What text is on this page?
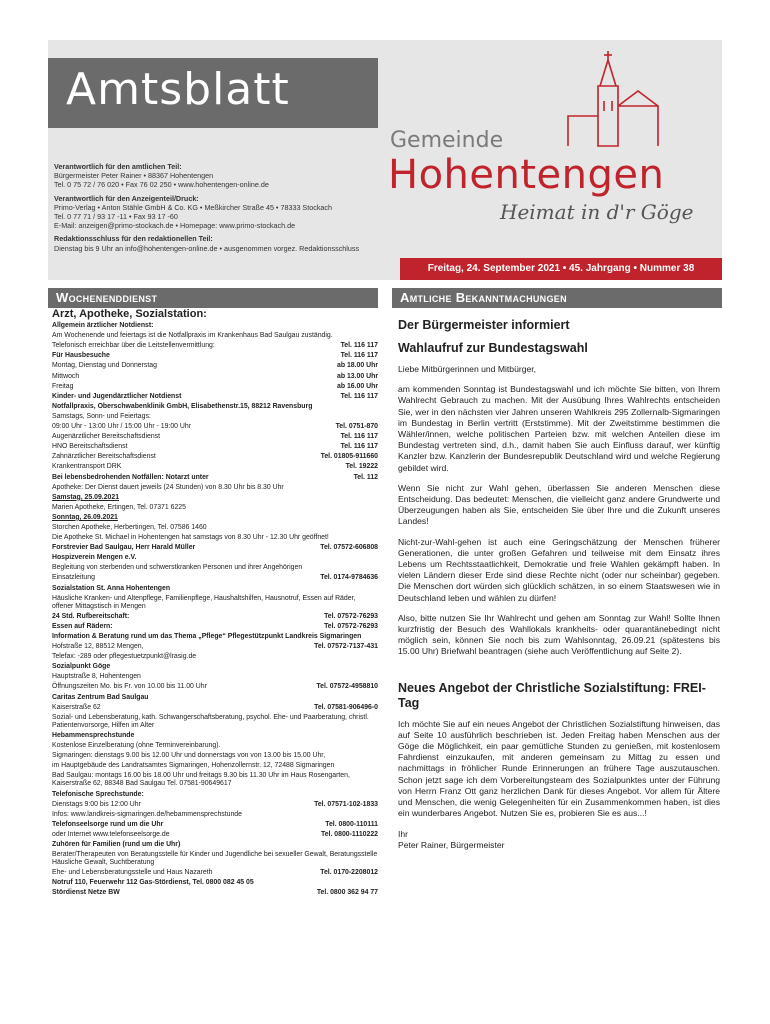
Amtsblatt
Gemeinde
Hohentengen
Heimat in d'r Göge
Verantwortlich für den amtlichen Teil:
Bürgermeister Peter Rainer • 88367 Hohentengen
Tel. 0 75 72 / 76 020 • Fax 76 02 250 • www.hohentengen-online.de
Verantwortlich für den Anzeigenteil/Druck:
Primo-Verlag • Anton Stähle GmbH & Co. KG • Meßkircher Straße 45 • 78333 Stockach
Tel. 0 77 71 / 93 17 -11 • Fax 93 17 -60
E-Mail: anzeigen@primo-stockach.de • Homepage: www.primo-stockach.de
Redaktionsschluss für den redaktionellen Teil:
Dienstag bis 9 Uhr an info@hohentengen-online.de • ausgenommen vorgez. Redaktionsschluss
Freitag, 24. September 2021 • 45. Jahrgang • Nummer 38
Wochenenddienst	Amtliche Bekanntmachungen
Arzt, Apotheke, Sozialstation:
Allgemein ärztlicher Notdienst:
Am Wochenende und feiertags ist die Notfallpraxis im Krankenhaus Bad Saulgau zuständig.
Telefonisch erreichbar über die Leitstellenvermittlung:	Tel. 116 117
Für Hausbesuche	Tel. 116 117
Montag, Dienstag und Donnerstag	ab 18.00 Uhr
Mittwoch	ab 13.00 Uhr
Freitag	ab 16.00 Uhr
Kinder- und Jugendärztlicher Notdienst	Tel. 116 117
Notfallpraxis, Oberschwabenklinik GmbH, Elisabethenstr.15, 88212 Ravensburg
Samstags, Sonn- und Feiertags:
09:00 Uhr - 13:00 Uhr / 15:00 Uhr - 19:00 Uhr	Tel. 0751-870
Augenärztlicher Bereitschaftsdienst	Tel. 116 117
HNO Bereitschaftsdienst	Tel. 116 117
Zahnärztlicher Bereitschaftsdienst	Tel. 01805-911660
Krankentransport DRK	Tel. 19222
Bei lebensbedrohenden Notfällen: Notarzt unter	Tel. 112
Apotheke: Der Dienst dauert jeweils (24 Stunden) von 8.30 Uhr bis 8.30 Uhr
Samstag, 25.09.2021
Marien Apotheke, Ertingen, Tel. 07371 6225
Sonntag, 26.09.2021
Storchen Apotheke, Herbertingen, Tel. 07586 1460
Die Apotheke St. Michael in Hohentengen hat samstags von 8.30 Uhr - 12.30 Uhr geöffnet!
Forstrevier Bad Saulgau, Herr Harald Müller	Tel. 07572-606808
Hospizverein Mengen e.V.
Begleitung von sterbenden und schwerstkranken Personen und ihrer Angehörigen
Einsatzleitung	Tel. 0174-9784636
Sozialstation St. Anna Hohentengen
Häusliche Kranken- und Altenpflege, Familienpflege, Haushaltshilfen, Hausnotruf, Essen auf Räder, offener Mittagstisch in Mengen
24 Std. Rufbereitschaft:	Tel. 07572-76293
Essen auf Rädern:	Tel. 07572-76293
Information & Beratung rund um das Thema „Pflege“ Pflegestützpunkt Landkreis Sigmaringen
Hofstraße 12, 88512 Mengen,	Tel. 07572-7137-431
Telefax: -289 oder pflegestuetzpunkt@lrasig.de
Sozialpunkt Göge
Hauptstraße 8, Hohentengen
Öffnungszeiten Mo. bis Fr. von 10.00 bis 11.00 Uhr	Tel. 07572-4958810
Caritas Zentrum Bad Saulgau
Kaiserstraße 62	Tel. 07581-906496-0
Sozial- und Lebensberatung, kath. Schwangerschaftsberatung, psychol. Ehe- und Paarberatung, christl. Patientenvorsorge, Hilfen im Alter
Hebammensprechstunde
Kostenlose Einzelberatung (ohne Terminvereinbarung).
Sigmaringen: dienstags 9.00 bis 12.00 Uhr und donnerstags von von 13.00 bis 15.00 Uhr,
im Hauptgebäude des Landratsamtes Sigmaringen, Hohenzollernstr. 12, 72488 Sigmaringen
Bad Saulgau: montags 16.00 bis 18.00 Uhr und freitags 9.30 bis 11.30 Uhr im Haus Rosengarten, Kaiserstraße 62, 88348 Bad Saulgau Tel. 07581-90649617
Telefonische Sprechstunde:
Dienstags 9:00 bis 12:00 Uhr	Tel. 07571-102-1833
Infos: www.landkreis-sigmaringen.de/hebammensprechstunde
Telefonseelsorge rund um die Uhr	Tel. 0800-110111
oder Internet www.telefonseelsorge.de	Tel. 0800-1110222
Zuhören für Familien (rund um die Uhr)
Berater/Therapeuten von Beratungsstelle für Kinder und Jugendliche bei sexueller Gewalt, Beratungsstelle Häusliche Gewalt, Suchtberatung
Ehe- und Lebensberatungsstelle und Haus Nazareth	Tel. 0170-2208012
Notruf 110, Feuerwehr 112 Gas-Stördienst, Tel. 0800 082 45 05
Stördienst Netze BW	Tel. 0800 362 94 77
Der Bürgermeister informiert
Wahlaufruf zur Bundestagswahl

Liebe Mitbürgerinnen und Mitbürger,

am kommenden Sonntag ist Bundestagswahl und ich möchte Sie bitten, von Ihrem Wahlrecht Gebrauch zu machen. Mit der Ausübung Ihres Wahlrechts entscheiden Sie, wer in den nächsten vier Jahren unseren Wahlkreis 295 Zollernalb-Sigmaringen im Bundestag in Berlin vertritt (Erststimme). Mit der Zweitstimme bestimmen die Wähler/innen, welche politischen Parteien bzw. mit welchen Anteilen diese im Bundestag vertreten sind, d.h., damit haben Sie auch Einfluss darauf, wer künftig Kanzler bzw. Kanzlerin der Bundesrepublik Deutschland wird und welche Regierung gebildet wird.

Wenn Sie nicht zur Wahl gehen, überlassen Sie anderen Menschen diese Entscheidung. Das bedeutet: Menschen, die vielleicht ganz andere Grundwerte und Überzeugungen haben als Sie, entscheiden Sie über Ihre und die Zukunft unseres Landes!

Nicht-zur-Wahl-gehen ist auch eine Geringschätzung der Menschen früherer Generationen, die unter großen Gefahren und teilweise mit dem Einsatz ihres Lebens um Rechtsstaatlichkeit, Demokratie und freie Wahlen gekämpft haben. In vielen Ländern dieser Erde sind diese Rechte nicht (oder nur scheinbar) gegeben. Die Menschen dort würden sich glücklich schätzen, in so einem Staatswesen wie in Deutschland leben und wählen zu dürfen!

Also, bitte nutzen Sie Ihr Wahlrecht und gehen am Sonntag zur Wahl! Sollte Ihnen kurzfristig der Besuch des Wahllokals krankheits- oder quarantänebedingt nicht möglich sein, können Sie noch bis zum Wahlsonntag, 26.09.21 (spätestens bis 15.00 Uhr) Briefwahl beantragen (siehe auch Veröffentlichung auf Seite 2).

Neues Angebot der Christliche Sozialstiftung: FREI-Tag

Ich möchte Sie auf ein neues Angebot der Christlichen Sozialstiftung hinweisen, das auf Seite 10 ausführlich beschrieben ist. Jeden Freitag haben Menschen aus der Göge die Möglichkeit, ein paar gemütliche Stunden zu genießen, mit kostenlosem Fahrdienst einzukaufen, mit anderen gemeinsam zu Mittag zu essen und nachmittags in fröhlicher Runde Erinnerungen an frühere Tage auszutauschen. Schon jetzt sage ich dem Vorbereitungsteam des Sozialpunktes unter der Führung von Herrn Franz Ott ganz herzlichen Dank für dieses Angebot. Vor allem für Ältere und Menschen, die wenig Gelegenheiten für ein Zusammenkommen haben, ist dies ein wunderbares Angebot. Nutzen Sie es, probieren Sie es aus...!

Ihr

Peter Rainer, Bürgermeister
